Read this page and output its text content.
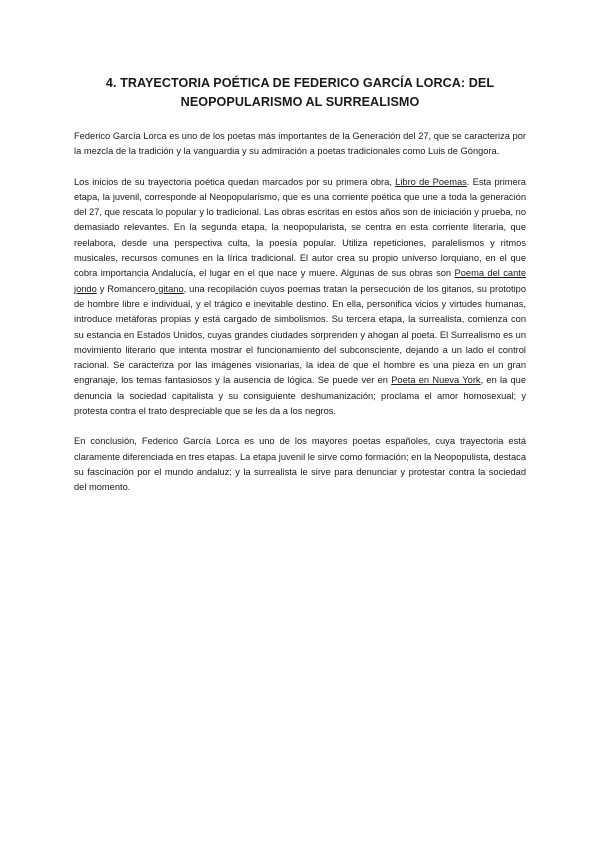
4. TRAYECTORIA POÉTICA DE FEDERICO GARCÍA LORCA: DEL
NEOPOPULARISMO AL SURREALISMO

Federico García Lorca es uno de los poetas más importantes de la Generación del 27, que se caracteriza por la mezcla de la tradición y la vanguardia y su admiración a poetas tradicionales como Luis de Góngora.

Los inicios de su trayectoria poética quedan marcados por su primera obra, Libro de Poemas. Esta primera etapa, la juvenil, corresponde al Neopopularismo, que es una corriente poética que une a toda la generación del 27, que rescata lo popular y lo tradicional. Las obras escritas en estos años son de iniciación y prueba, no demasiado relevantes. En la segunda etapa, la neopopularista, se centra en esta corriente literaria, que reelabora, desde una perspectiva culta, la poesía popular. Utiliza repeticiones, paralelismos y ritmos musicales, recursos comunes en la lírica tradicional. El autor crea su propio universo lorquiano, en el que cobra importancia Andalucía, el lugar en el que nace y muere. Algunas de sus obras son Poema del cante jondo y Romancero gitano, una recopilación cuyos poemas tratan la persecución de los gitanos, su prototipo de hombre libre e individual, y el trágico e inevitable destino. En ella, personifica vicios y virtudes humanas, introduce metáforas propias y está cargado de simbolismos. Su tercera etapa, la surrealista, comienza con su estancia en Estados Unidos, cuyas grandes ciudades sorprenden y ahogan al poeta. El Surrealismo es un movimiento literario que intenta mostrar el funcionamiento del subconsciente, dejando a un lado el control racional. Se caracteriza por las imágenes visionarias, la idea de que el hombre es una pieza en un gran engranaje, los temas fantasiosos y la ausencia de lógica. Se puede ver en Poeta en Nueva York, en la que denuncia la sociedad capitalista y su consiguiente deshumanización; proclama el amor homosexual; y protesta contra el trato despreciable que se les da a los negros.

En conclusión, Federico García Lorca es uno de los mayores poetas españoles, cuya trayectoria está claramente diferenciada en tres etapas. La etapa juvenil le sirve como formación; en la Neopopulista, destaca su fascinación por el mundo andaluz; y la surrealista le sirve para denunciar y protestar contra la sociedad del momento.
